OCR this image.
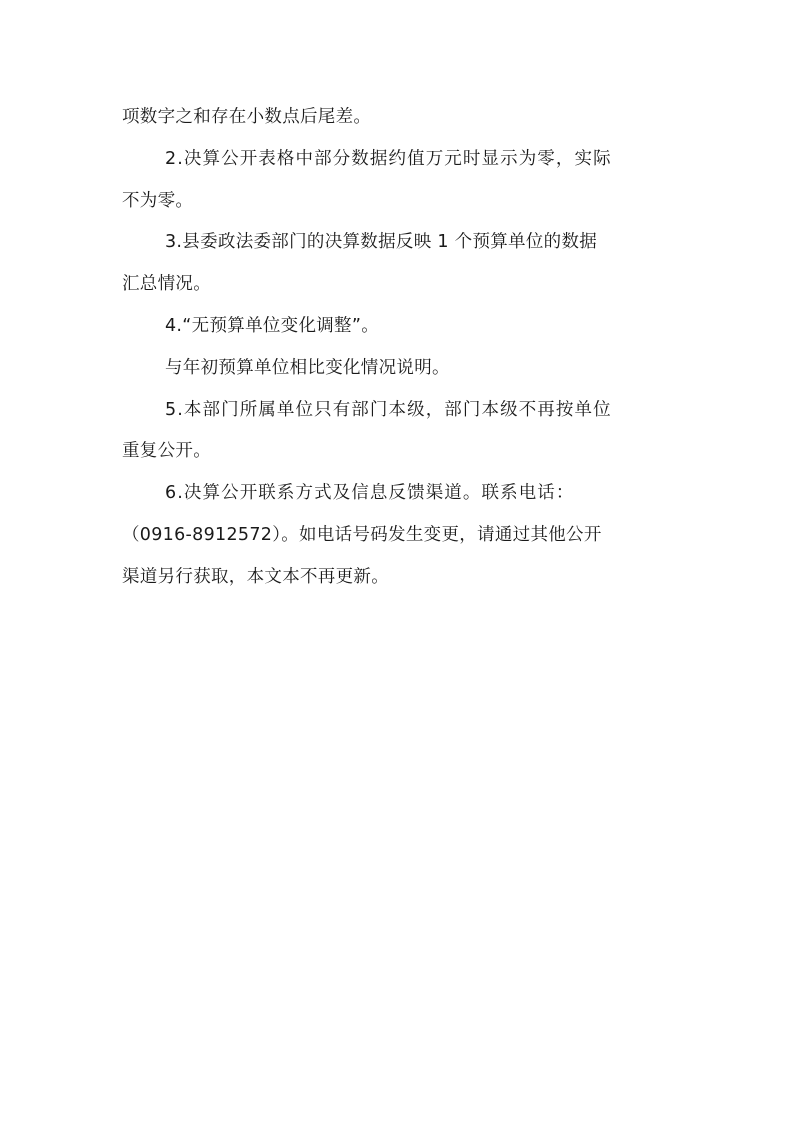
项数字之和存在小数点后尾差。

2.决算公开表格中部分数据约值万元时显示为零，实际
不为零。

3.县委政法委部门的决算数据反映 1 个预算单位的数据
汇总情况。

4.“无预算单位变化调整”。

与年初预算单位相比变化情况说明。

5.本部门所属单位只有部门本级，部门本级不再按单位
重复公开。

6.决算公开联系方式及信息反馈渠道。联系电话：
（0916-8912572）。如电话号码发生变更，请通过其他公开
渠道另行获取，本文本不再更新。
